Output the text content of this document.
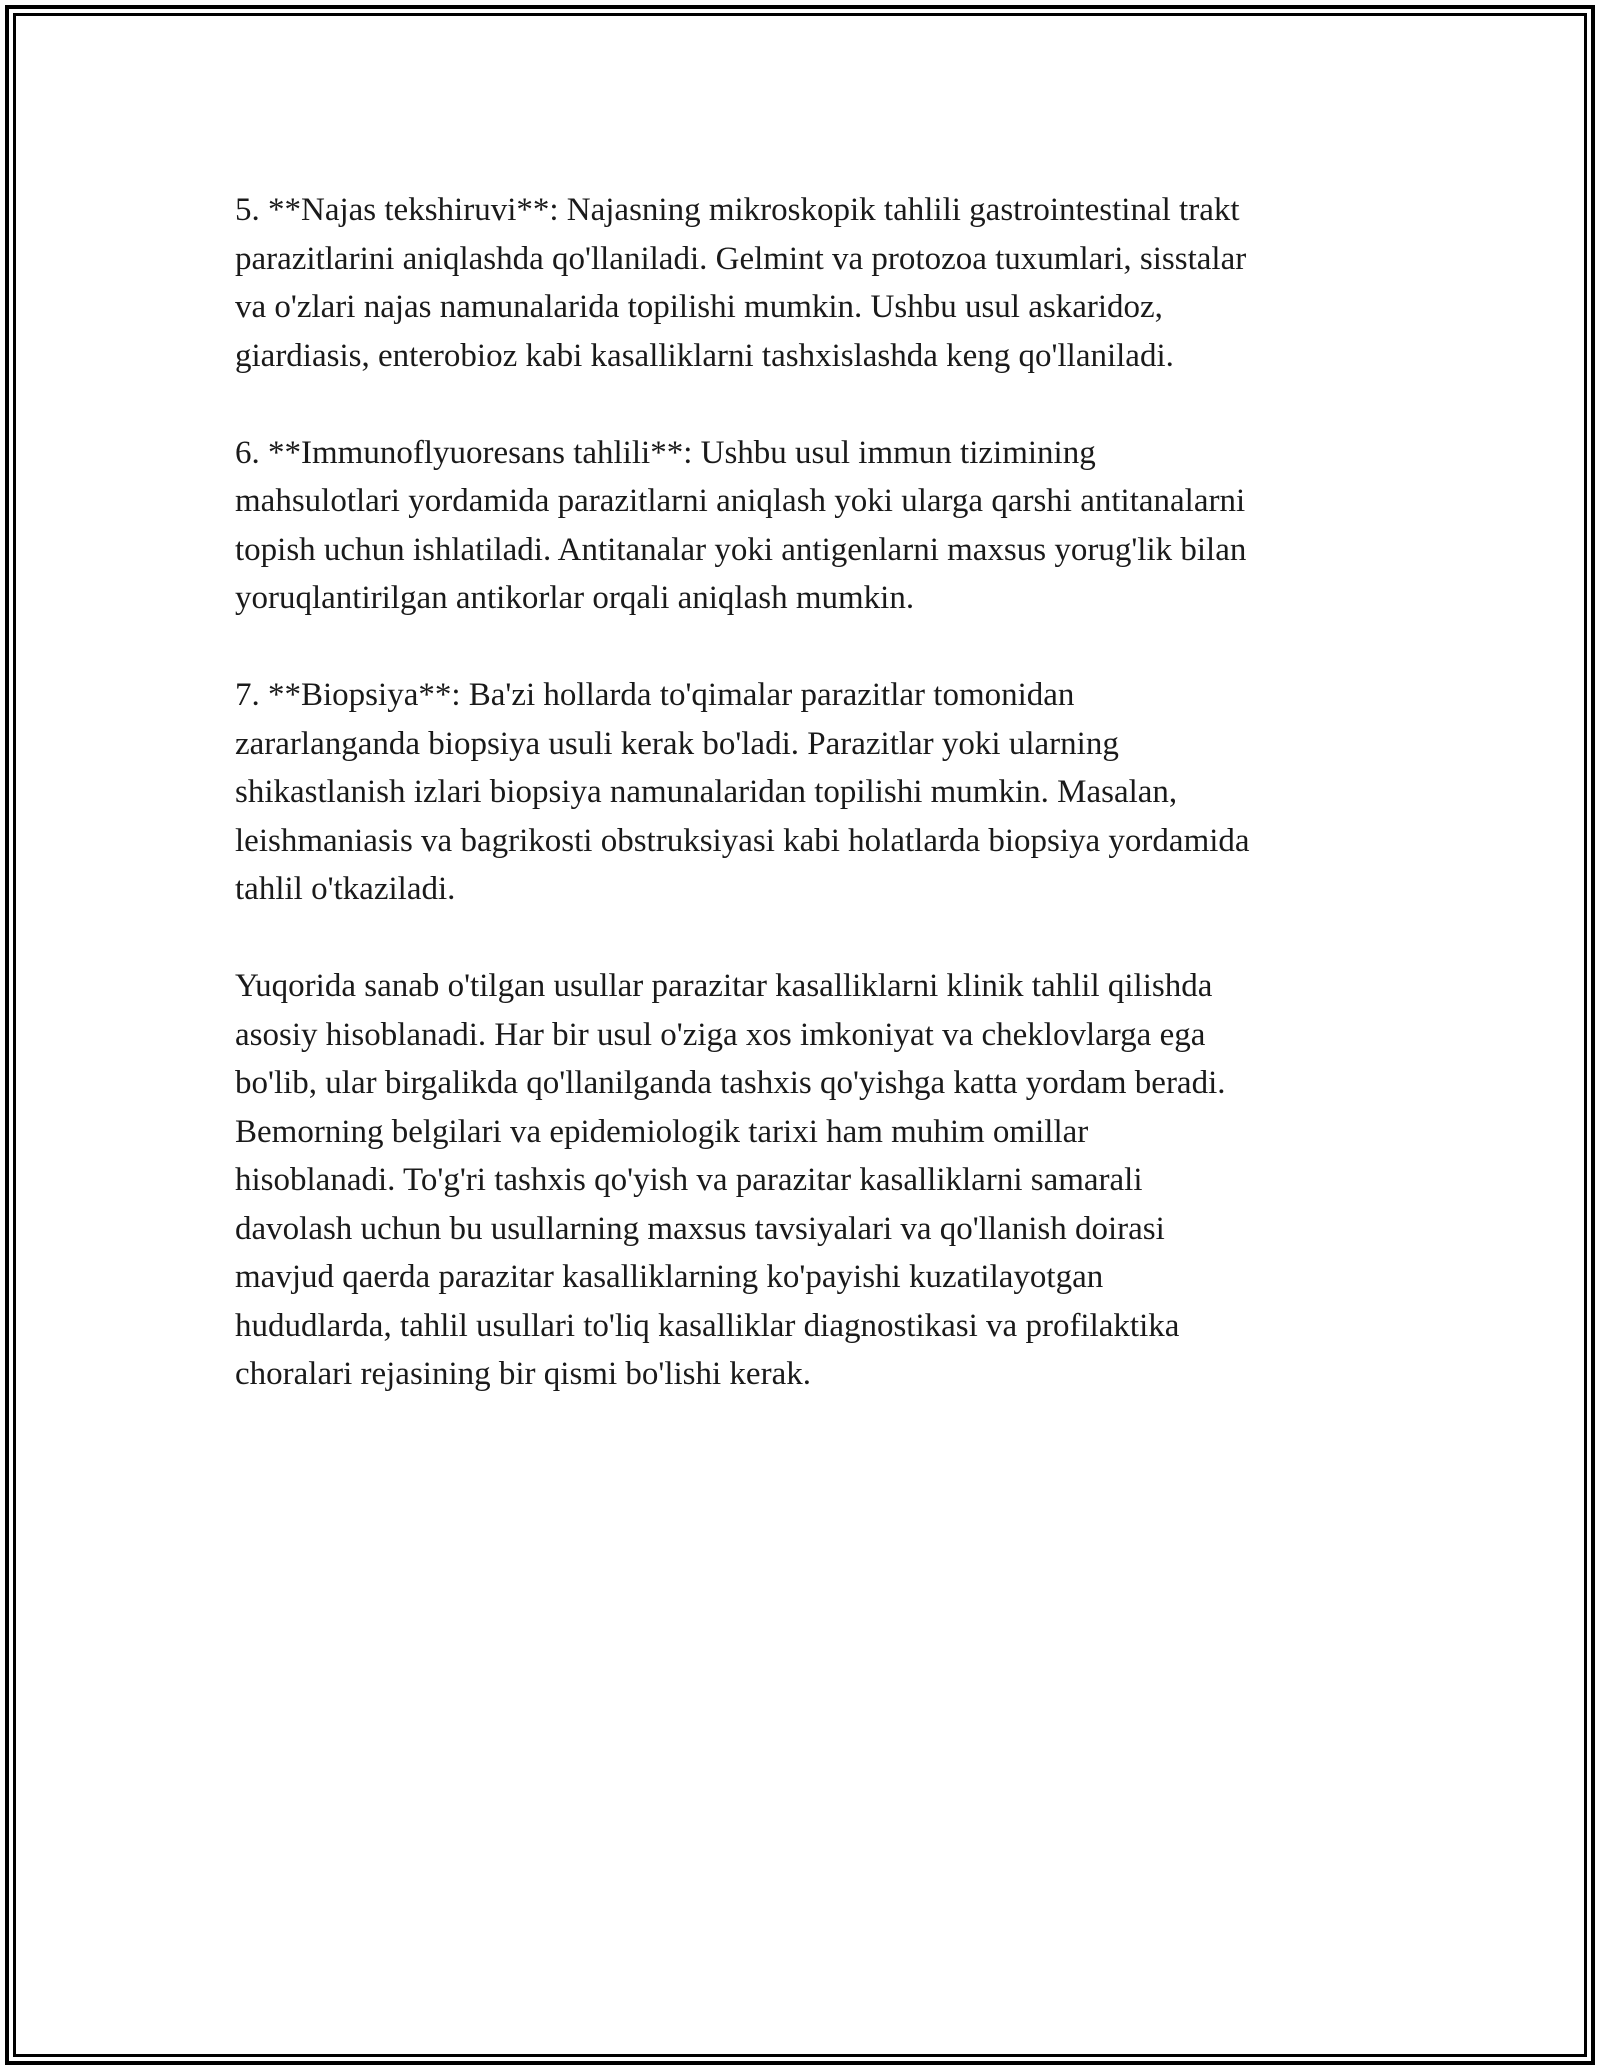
5. **Najas tekshiruvi**: Najasning mikroskopik tahlili gastrointestinal trakt
parazitlarini aniqlashda qo'llaniladi. Gelmint va protozoa tuxumlari, sisstalar
va o'zlari najas namunalarida topilishi mumkin. Ushbu usul askaridoz,
giardiasis, enterobioz kabi kasalliklarni tashxislashda keng qo'llaniladi.

6. **Immunoflyuoresans tahlili**: Ushbu usul immun tizimining
mahsulotlari yordamida parazitlarni aniqlash yoki ularga qarshi antitanalarni
topish uchun ishlatiladi. Antitanalar yoki antigenlarni maxsus yorug'lik bilan
yoruqlantirilgan antikorlar orqali aniqlash mumkin.

7. **Biopsiya**: Ba'zi hollarda to'qimalar parazitlar tomonidan
zararlanganda biopsiya usuli kerak bo'ladi. Parazitlar yoki ularning
shikastlanish izlari biopsiya namunalaridan topilishi mumkin. Masalan,
leishmaniasis va bagrikosti obstruksiyasi kabi holatlarda biopsiya yordamida
tahlil o'tkaziladi.

Yuqorida sanab o'tilgan usullar parazitar kasalliklarni klinik tahlil qilishda
asosiy hisoblanadi. Har bir usul o'ziga xos imkoniyat va cheklovlarga ega
bo'lib, ular birgalikda qo'llanilganda tashxis qo'yishga katta yordam beradi.
Bemorning belgilari va epidemiologik tarixi ham muhim omillar
hisoblanadi. To'g'ri tashxis qo'yish va parazitar kasalliklarni samarali
davolash uchun bu usullarning maxsus tavsiyalari va qo'llanish doirasi
mavjud qaerda parazitar kasalliklarning ko'payishi kuzatilayotgan
hududlarda, tahlil usullari to'liq kasalliklar diagnostikasi va profilaktika
choralari rejasining bir qismi bo'lishi kerak.
